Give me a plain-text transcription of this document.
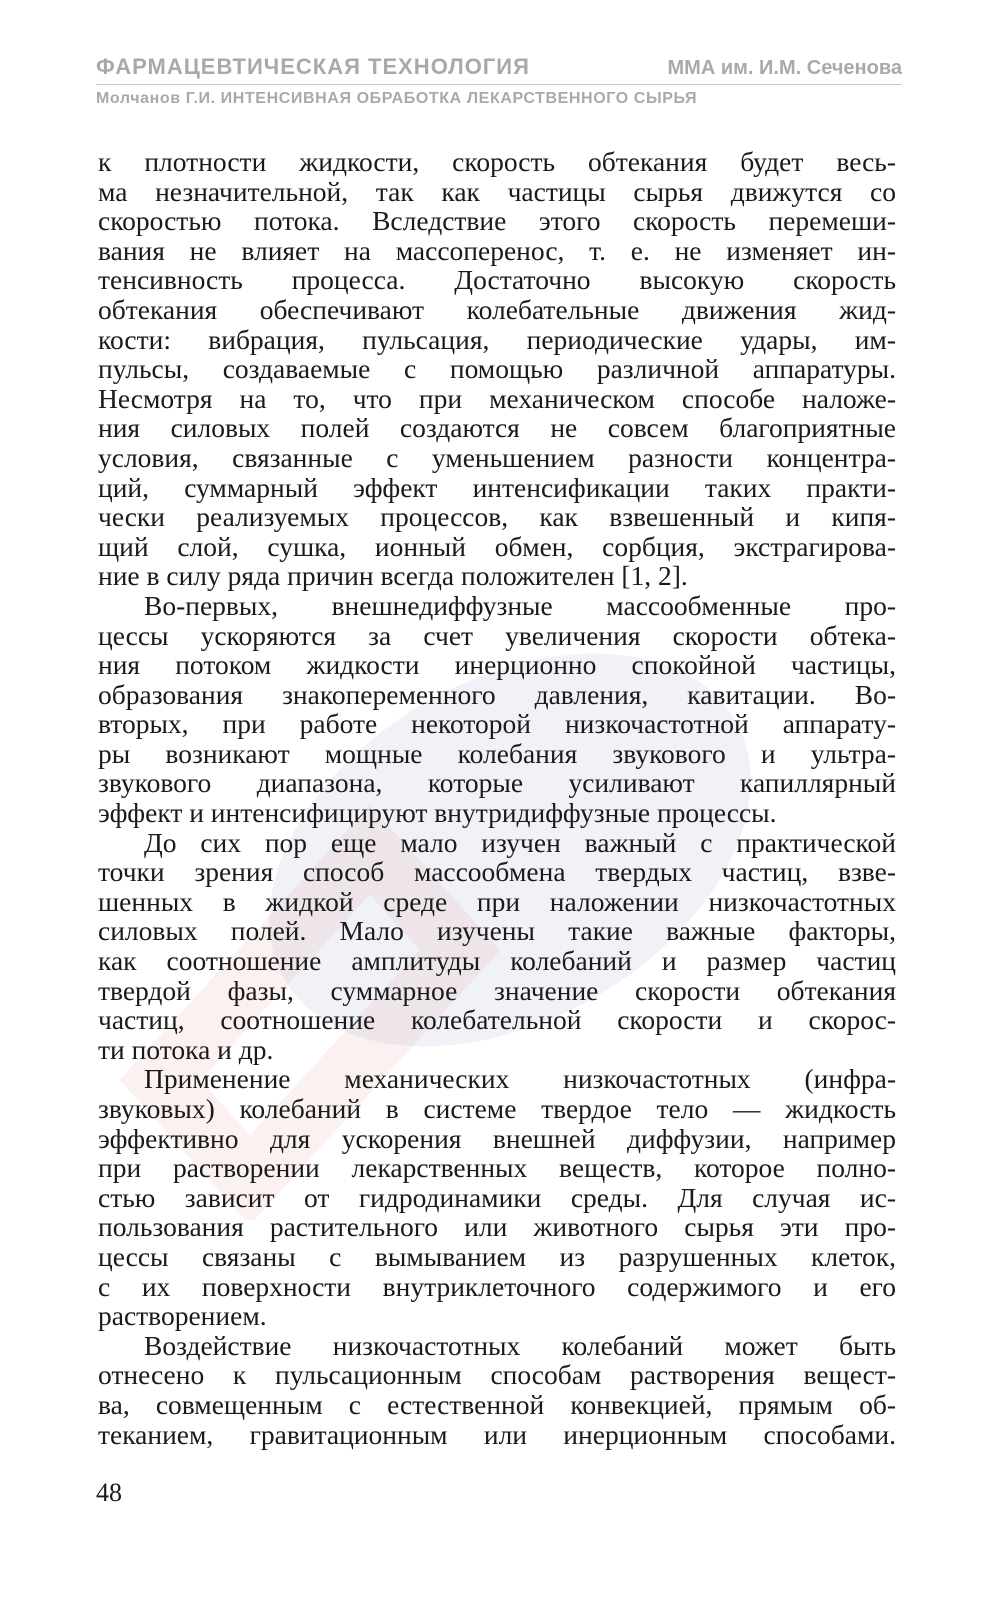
ФАРМАЦЕВТИЧЕСКАЯ ТЕХНОЛОГИЯ	ММА им. И.М. Сеченова
Молчанов Г.И. ИНТЕНСИВНАЯ ОБРАБОТКА ЛЕКАРСТВЕННОГО СЫРЬЯ
к плотности жидкости, скорость обтекания будет весь-
ма незначительной, так как частицы сырья движутся со
скоростью потока. Вследствие этого скорость перемеши-
вания не влияет на массоперенос, т. е. не изменяет ин-
тенсивность процесса. Достаточно высокую скорость
обтекания обеспечивают колебательные движения жид-
кости: вибрация, пульсация, периодические удары, им-
пульсы, создаваемые с помощью различной аппаратуры.
Несмотря на то, что при механическом способе наложе-
ния силовых полей создаются не совсем благоприятные
условия, связанные с уменьшением разности концентра-
ций, суммарный эффект интенсификации таких практи-
чески реализуемых процессов, как взвешенный и кипя-
щий слой, сушка, ионный обмен, сорбция, экстрагирова-
ние в силу ряда причин всегда положителен [1, 2].
Во-первых, внешнедиффузные массообменные про-
цессы ускоряются за счет увеличения скорости обтека-
ния потоком жидкости инерционно спокойной частицы,
образования знакопеременного давления, кавитации. Во-
вторых, при работе некоторой низкочастотной аппарату-
ры возникают мощные колебания звукового и ультра-
звукового диапазона, которые усиливают капиллярный
эффект и интенсифицируют внутридиффузные процессы.
До сих пор еще мало изучен важный с практической
точки зрения способ массообмена твердых частиц, взве-
шенных в жидкой среде при наложении низкочастотных
силовых полей. Мало изучены такие важные факторы,
как соотношение амплитуды колебаний и размер частиц
твердой фазы, суммарное значение скорости обтекания
частиц, соотношение колебательной скорости и скорос-
ти потока и др.
Применение механических низкочастотных (инфра-
звуковых) колебаний в системе твердое тело — жидкость
эффективно для ускорения внешней диффузии, например
при растворении лекарственных веществ, которое полно-
стью зависит от гидродинамики среды. Для случая ис-
пользования растительного или животного сырья эти про-
цессы связаны с вымыванием из разрушенных клеток,
с их поверхности внутриклеточного содержимого и его
растворением.
Воздействие низкочастотных колебаний может быть
отнесено к пульсационным способам растворения вещест-
ва, совмещенным с естественной конвекцией, прямым об-
теканием, гравитационным или инерционным способами.
48
